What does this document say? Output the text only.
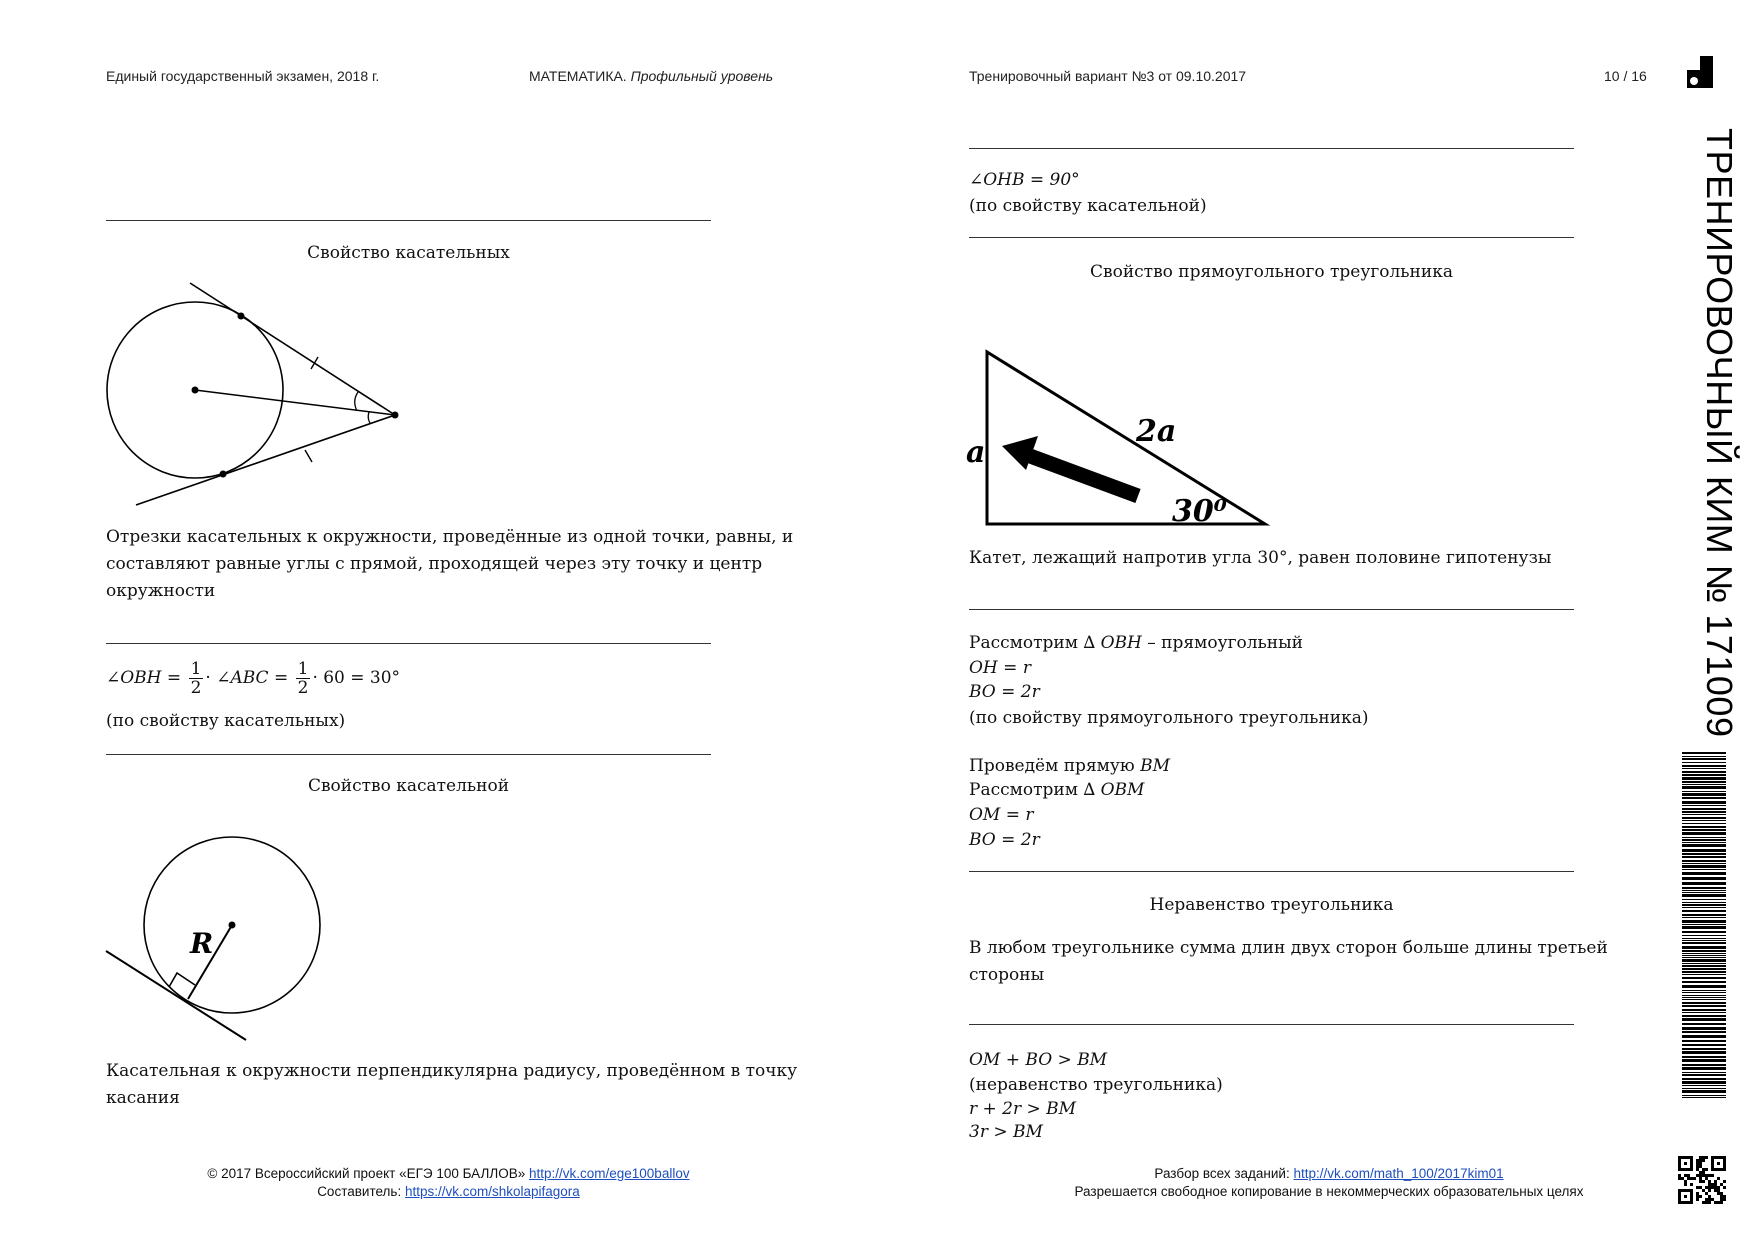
Единый государственный экзамен, 2018 г.	МАТЕМАТИКА. Профильный уровень	Тренировочный вариант №3 от 09.10.2017	10 / 16
ТРЕНИРОВОЧНЫЙ КИМ № 171009
Свойство касательных
Отрезки касательных к окружности, проведённые из одной точки, равны, и
составляют равные углы с прямой, проходящей через эту точку и центр
окружности
∠OBH = $\frac{1}{2}$ · ∠ABC = $\frac{1}{2} \cdot 60 = 30^\circ$
(по свойству касательных)
Свойство касательной
R
Касательная к окружности перпендикулярна радиусу, проведённом в точку
касания
∠OHB = 90°
(по свойству касательной)
Свойство прямоугольного треугольника
a
2a
30⁰
Катет, лежащий напротив угла 30°, равен половине гипотенузы
Рассмотрим ∆ OBH – прямоугольный
OH = r
BO = 2r
(по свойству прямоугольного треугольника)
Проведём прямую BM
Рассмотрим ∆ OBM
OM = r
BO = 2r
Неравенство треугольника
В любом треугольнике сумма длин двух сторон больше длины третьей
стороны
OM + BO > BM
(неравенство треугольника)
r + 2r > BM
3r > BM
© 2017 Всероссийский проект «ЕГЭ 100 БАЛЛОВ» http://vk.com/ege100ballov
Составитель: https://vk.com/shkolapifagora
Разбор всех заданий: http://vk.com/math_100/2017kim01
Разрешается свободное копирование в некоммерческих образовательных целях
